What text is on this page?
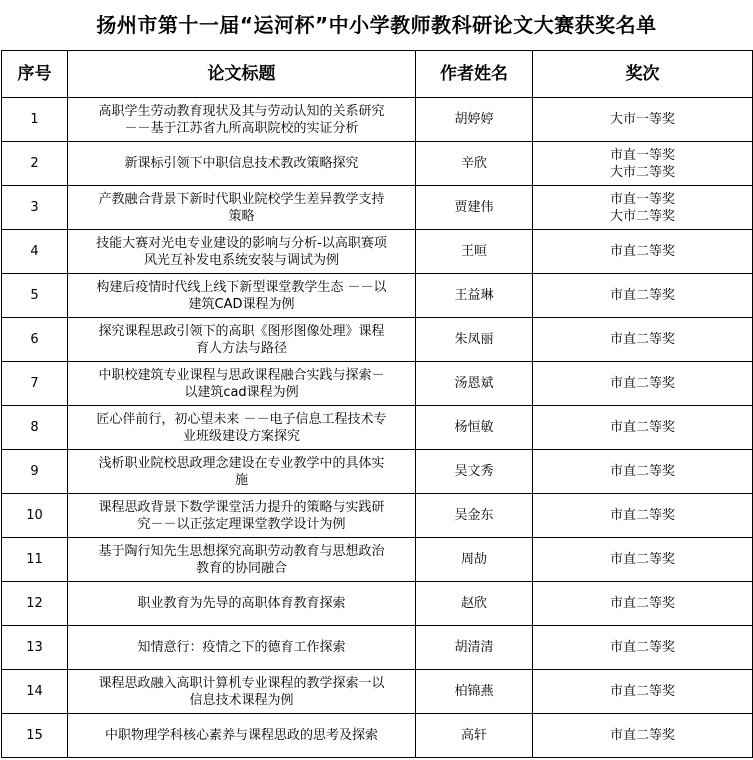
扬州市第十一届“运河杯”中小学教师教科研论文大赛获奖名单
序号	论文标题	作者姓名	奖次
1	高职学生劳动教育现状及其与劳动认知的关系研究
－－基于江苏省九所高职院校的实证分析	胡婷婷	大市一等奖

2	新课标引领下中职信息技术教改策略探究	辛欣	市直一等奖
大市二等奖

3	产教融合背景下新时代职业院校学生差异教学支持
策略	贾建伟	市直一等奖
大市二等奖

4	技能大赛对光电专业建设的影响与分析-以高职赛项
风光互补发电系统安装与调试为例	王晅	市直二等奖

5	构建后疫情时代线上线下新型课堂教学生态 －－以
建筑CAD课程为例	王益琳	市直二等奖

6	探究课程思政引领下的高职《图形图像处理》课程
育人方法与路径	朱凤丽	市直二等奖

7	中职校建筑专业课程与思政课程融合实践与探索－
以建筑cad课程为例	汤恩斌	市直二等奖

8	匠心伴前行，初心望未来 －－电子信息工程技术专
业班级建设方案探究	杨恒敏	市直二等奖

9	浅析职业院校思政理念建设在专业教学中的具体实
施	吴文秀	市直二等奖

10	课程思政背景下数学课堂活力提升的策略与实践研
究－－以正弦定理课堂教学设计为例	吴金东	市直二等奖

11	基于陶行知先生思想探究高职劳动教育与思想政治
教育的协同融合	周劼	市直二等奖

12	职业教育为先导的高职体育教育探索	赵欣	市直二等奖

13	知情意行：疫情之下的德育工作探索	胡清清	市直二等奖

14	课程思政融入高职计算机专业课程的教学探索一以
信息技术课程为例	柏锦燕	市直二等奖

15	中职物理学科核心素养与课程思政的思考及探索	高轩	市直二等奖
